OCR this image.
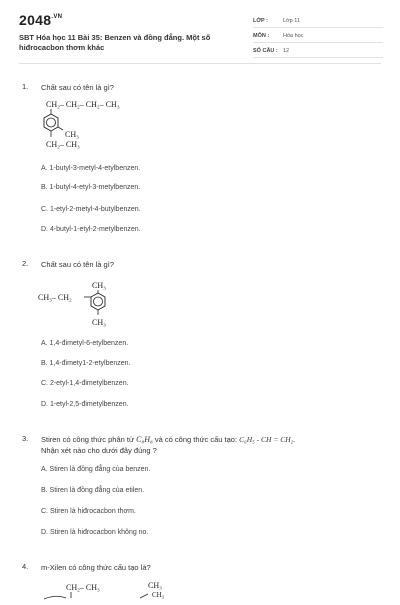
$2048^{.VN}$
SBT Hóa học 11 Bài 35: Benzen và đồng đẳng. Một số hiđrocacbon thơm khác
LỚP :	Lớp 11
MÔN :	Hóa học
SỐ CÂU : 12
1. Chất sau có tên là gì?
CH₂– CH₂– CH₂– CH₃
CH₃
CH₂– CH₃
A. 1-butyl-3-metyl-4-etylbenzen.
B. 1-butyl-4-etyl-3-metylbenzen.
C. 1-etyl-2-metyl-4-butylbenzen.
D. 4-butyl-1-etyl-2-metylbenzen.
2. Chất sau có tên là gì?
CH₃
CH₃– CH₂
CH₃
A. 1,4-đimetyl-6-etylbenzen.
B. 1,4-đimety1-2-etylbenzen.
C. 2-etyl-1,4-đimetylbenzen.
D. 1-etyl-2,5-đimetylbenzen.
3. Stiren có công thức phân tử C₈H₈ và có công thức cấu tạo: C₆H₅ - CH = CH₂.
Nhận xét nào cho dưới đây đúng ?
A. Stiren là đồng đẳng của benzen.
B. Stiren là đồng đẳng của etilen.
C. Stiren là hiđrocacbon thơm.
D. Stiren là hiđrocacbon không no.
4. m-Xilen có công thức cấu tạo là?
CH₂– CH₃	CH₃
CH₃
